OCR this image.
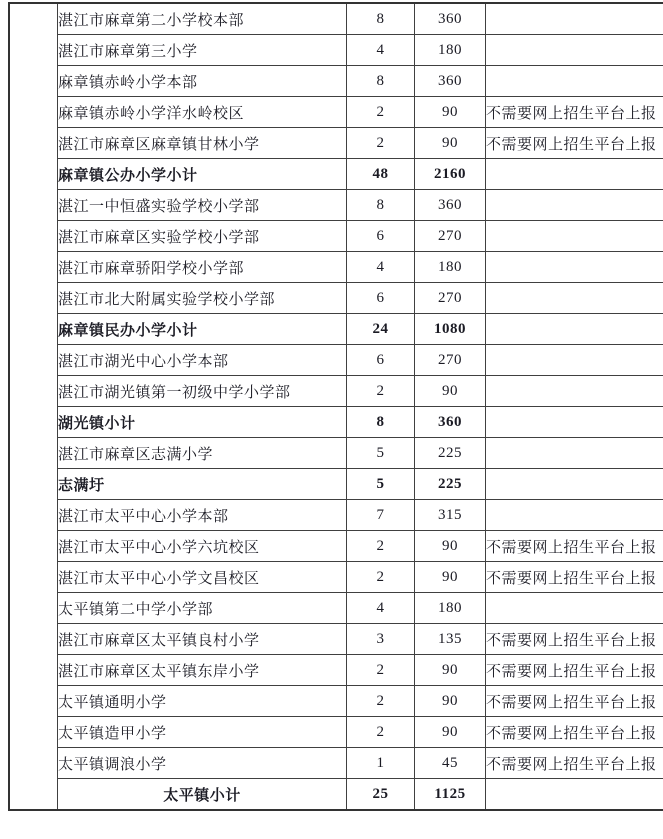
	湛江市麻章第二小学校本部	8	360	
	湛江市麻章第三小学	4	180	
	麻章镇赤岭小学本部	8	360	
	麻章镇赤岭小学洋水岭校区	2	90	不需要网上招生平台上报
	湛江市麻章区麻章镇甘林小学	2	90	不需要网上招生平台上报
	麻章镇公办小学小计	48	2160	
	湛江一中恒盛实验学校小学部	8	360	
	湛江市麻章区实验学校小学部	6	270	
	湛江市麻章骄阳学校小学部	4	180	
	湛江市北大附属实验学校小学部	6	270	
	麻章镇民办小学小计	24	1080	
	湛江市湖光中心小学本部	6	270	
	湛江市湖光镇第一初级中学小学部	2	90	
	湖光镇小计	8	360	
	湛江市麻章区志满小学	5	225	
	志满圩	5	225	
	湛江市太平中心小学本部	7	315	
	湛江市太平中心小学六坑校区	2	90	不需要网上招生平台上报
	湛江市太平中心小学文昌校区	2	90	不需要网上招生平台上报
	太平镇第二中学小学部	4	180	
	湛江市麻章区太平镇良村小学	3	135	不需要网上招生平台上报
	湛江市麻章区太平镇东岸小学	2	90	不需要网上招生平台上报
	太平镇通明小学	2	90	不需要网上招生平台上报
	太平镇造甲小学	2	90	不需要网上招生平台上报
	太平镇调浪小学	1	45	不需要网上招生平台上报
	太平镇小计	25	1125	
